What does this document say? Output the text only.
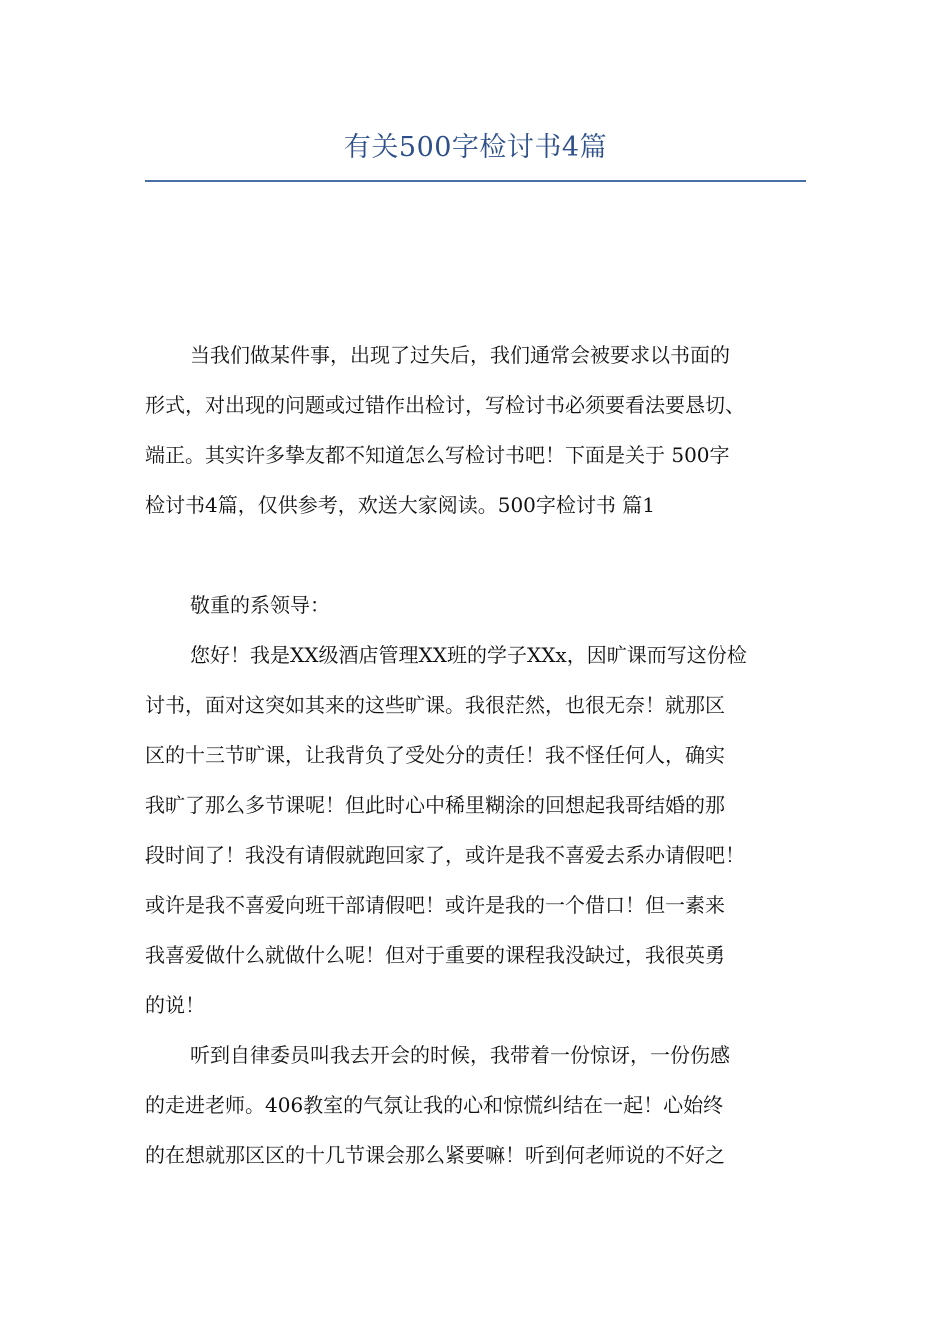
有关500字检讨书4篇
当我们做某件事，出现了过失后，我们通常会被要求以书面的
形式，对出现的问题或过错作出检讨，写检讨书必须要看法要恳切、
端正。其实许多挚友都不知道怎么写检讨书吧！下面是关于 500字
检讨书4篇，仅供参考，欢送大家阅读。500字检讨书 篇1
敬重的系领导：
您好！我是XX级酒店管理XX班的学子XXx，因旷课而写这份检
讨书，面对这突如其来的这些旷课。我很茫然，也很无奈！就那区
区的十三节旷课，让我背负了受处分的责任！我不怪任何人，确实
我旷了那么多节课呢！但此时心中稀里糊涂的回想起我哥结婚的那
段时间了！我没有请假就跑回家了，或许是我不喜爱去系办请假吧！
或许是我不喜爱向班干部请假吧！或许是我的一个借口！但一素来
我喜爱做什么就做什么呢！但对于重要的课程我没缺过，我很英勇
的说！
听到自律委员叫我去开会的时候，我带着一份惊讶，一份伤感
的走进老师。406教室的气氛让我的心和惊慌纠结在一起！心始终
的在想就那区区的十几节课会那么紧要嘛！听到何老师说的不好之
